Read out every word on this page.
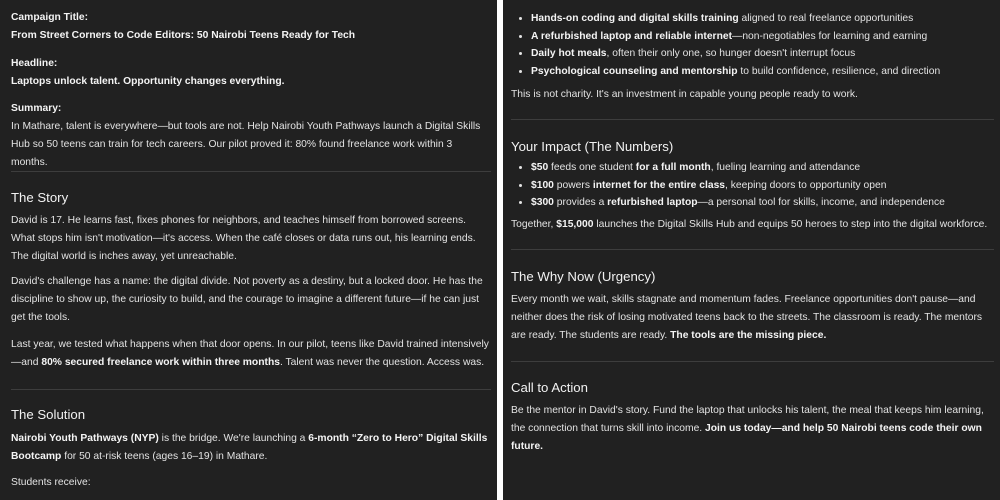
Campaign Title:

From Street Corners to Code Editors: 50 Nairobi Teens Ready for Tech

Headline:

Laptops unlock talent. Opportunity changes everything.

Summary:

In Mathare, talent is everywhere—but tools are not. Help Nairobi Youth Pathways launch a Digital Skills Hub so 50 teens can train for tech careers. Our pilot proved it: 80% found freelance work within 3 months.

The Story

David is 17. He learns fast, fixes phones for neighbors, and teaches himself from borrowed screens. What stops him isn't motivation—it's access. When the café closes or data runs out, his learning ends. The digital world is inches away, yet unreachable.

David's challenge has a name: the digital divide. Not poverty as a destiny, but a locked door. He has the discipline to show up, the curiosity to build, and the courage to imagine a different future—if he can just get the tools.

Last year, we tested what happens when that door opens. In our pilot, teens like David trained intensively —and 80% secured freelance work within three months. Talent was never the question. Access was.

The Solution

Nairobi Youth Pathways (NYP) is the bridge. We're launching a 6-month “Zero to Hero” Digital Skills Bootcamp for 50 at-risk teens (ages 16–19) in Mathare.

Students receive:

• Hands-on coding and digital skills training aligned to real freelance opportunities
• A refurbished laptop and reliable internet—non-negotiables for learning and earning
• Daily hot meals, often their only one, so hunger doesn't interrupt focus
• Psychological counseling and mentorship to build confidence, resilience, and direction

This is not charity. It's an investment in capable young people ready to work.

Your Impact (The Numbers)
• $50 feeds one student for a full month, fueling learning and attendance
• $100 powers internet for the entire class, keeping doors to opportunity open
• $300 provides a refurbished laptop—a personal tool for skills, income, and independence

Together, $15,000 launches the Digital Skills Hub and equips 50 heroes to step into the digital workforce.

The Why Now (Urgency)

Every month we wait, skills stagnate and momentum fades. Freelance opportunities don't pause—and neither does the risk of losing motivated teens back to the streets. The classroom is ready. The mentors are ready. The students are ready. The tools are the missing piece.

Call to Action

Be the mentor in David's story. Fund the laptop that unlocks his talent, the meal that keeps him learning, the connection that turns skill into income. Join us today—and help 50 Nairobi teens code their own future.
